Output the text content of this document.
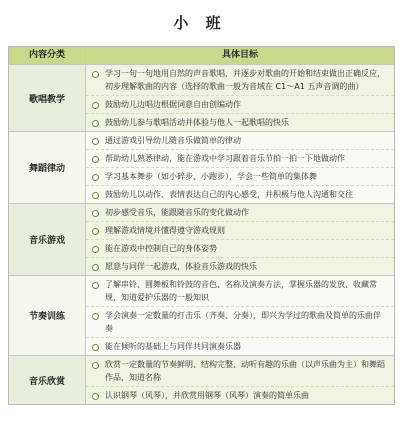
小 班
内容分类	具体目标
歌唱教学
学习一句一句地用自然的声音歌唱，并逐步对歌曲的开始和结束做出正确反应，初步理解歌曲的内容（选择的歌曲一般为音域在 C1～A1 五声音调的曲）
鼓励幼儿边唱边根据词意自由创编动作
鼓励幼儿参与歌唱活动并体验与他人一起歌唱的快乐
舞蹈律动
通过游戏引导幼儿随音乐做简单的律动
帮助幼儿熟悉律动，能在游戏中学习跟着音乐节拍一拍一下地做动作
学习基本舞步（如小碎步、小跑步），学会一些简单的集体舞
鼓励幼儿以动作、表情表达自己的内心感受，并积极与他人沟通和交往
音乐游戏
初步感受音乐，能跟随音乐的变化做动作
理解游戏情境并懂得遵守游戏规则
能在游戏中控制自己的身体姿势
愿意与同伴一起游戏，体验音乐游戏的快乐
节奏训练
了解串铃、圆舞板和铃鼓的音色、名称及演奏方法，掌握乐器的发放、收藏常规，知道爱护乐器的一般知识
学会演奏一定数量的打击乐（齐奏、分奏），即兴为学过的歌曲及简单的乐曲伴奏
能在倾听的基础上与同伴共同演奏乐器
音乐欣赏
欣赏一定数量的节奏鲜明、结构完整、动听有趣的乐曲（以声乐曲为主）和舞蹈作品，知道名称
认识钢琴（风琴），并欣赏用钢琴（风琴）演奏的简单乐曲
